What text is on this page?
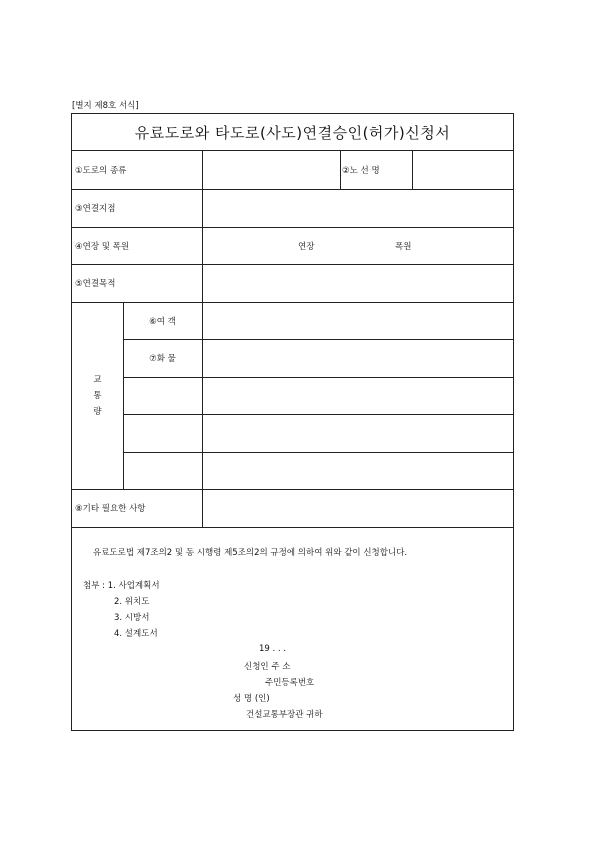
[별지 제8호 서식]
유료도로와 타도로(사도)연결승인(허가)신청서
①도로의 종류	②노 선 명
③연결지점
④연장 및 폭원	연장	폭원
⑤연결목적
교
통
량
⑥여 객
⑦화 물
⑧기타 필요한 사항
유료도로법 제7조의2 및 동 시행령 제5조의2의 규정에 의하여 위와 같이 신청합니다.
첨부 : 1. 사업계획서
2. 위치도
3. 시방서
4. 설계도서
19 . . .
신청인 주 소
주민등록번호
성 명 (인)
건설교통부장관 귀하
